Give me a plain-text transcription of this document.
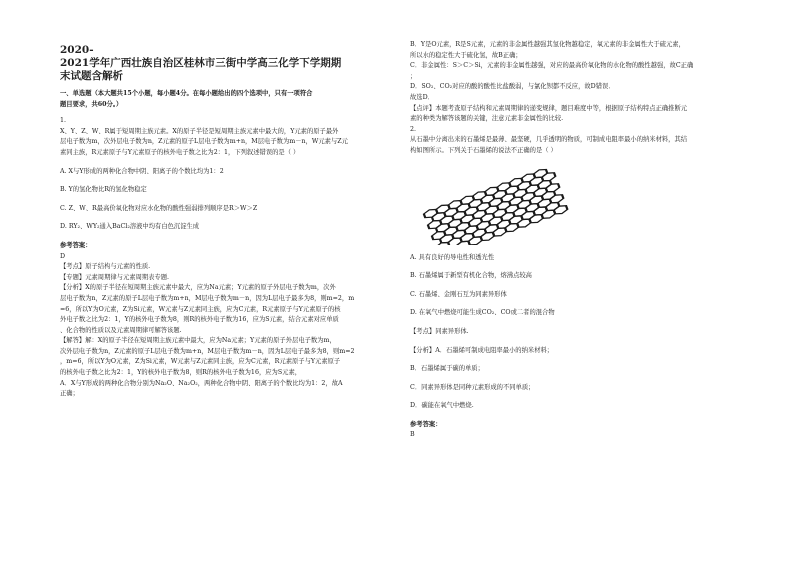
2020-
2021学年广西壮族自治区桂林市三街中学高三化学下学期期
末试题含解析
一、单选题（本大题共15个小题，每小题4分。在每小题给出的四个选项中，只有一项符合
题目要求，共60分。）

1.

X、Y、Z、W、R属于短周期主族元素。X的原子半径是短周期主族元素中最大的，Y元素的原子最外

层电子数为m，次外层电子数为n，Z元素的原子L层电子数为m+n，M层电子数为m－n，W元素与Z元

素同主族，R元素原子与Y元素原子的核外电子数之比为2：1，下列叙述错误的是（ ）

A. X与Y形成的两种化合物中阴、阳离子的个数比均为1：2

B. Y的氢化物比R的氢化物稳定

C. Z、W、R最高价氧化物对应水化物的酸性强弱排列顺序是R＞W＞Z

D. RY₂、WY₂通入BaCl₂溶液中均有白色沉淀生成

参考答案：

D

【考点】原子结构与元素的性质.

【专题】元素周期律与元素周期表专题.

【分析】X的原子半径在短周期主族元素中最大，应为Na元素；Y元素的原子外层电子数为m，次外

层电子数为n，Z元素的原子L层电子数为m+n，M层电子数为m－n，因为L层电子最多为8，则m=2，m

=6，所以Y为O元素，Z为Si元素，W元素与Z元素同主族，应为C元素，R元素原子与Y元素原子的核

外电子数之比为2：1，Y的核外电子数为8，则R的核外电子数为16，应为S元素，结合元素对应单质

、化合物的性质以及元素周期律可解答该题.

【解答】解：X的原子半径在短周期主族元素中最大，应为Na元素；Y元素的原子外层电子数为m，

次外层电子数为n，Z元素的原子L层电子数为m+n，M层电子数为m－n，因为L层电子最多为8，则m=2

，m=6，所以Y为O元素，Z为Si元素，W元素与Z元素同主族，应为C元素，R元素原子与Y元素原子

的核外电子数之比为2：1，Y的核外电子数为8，则R的核外电子数为16，应为S元素，

A．X与Y形成的两种化合物分别为Na₂O、Na₂O₂，两种化合物中阴、阳离子的个数比均为1：2，故A

正确；

B．Y是O元素，R是S元素，元素的非金属性越强其氢化物越稳定，氧元素的非金属性大于硫元素，

所以水的稳定性大于硫化氢，故B正确；

C．非金属性：S＞C＞Si，元素的非金属性越强，对应的最高价氧化物的水化物的酸性越强，故C正确

；

D．SO₂、CO₂对应的酸的酸性比盐酸弱，与氯化钡都不反应，故D错误．

故选D．

【点评】本题考查原子结构和元素周期律的递变规律，题目难度中等，根据原子结构特点正确推断元

素的种类为解答该题的关键，注意元素非金属性的比较.

2.

从石墨中分离出来的石墨烯是最薄、最坚硬，几乎透明的物质，可制成电阻率最小的纳米材料，其结

构如图所示。下列关于石墨烯的说法不正确的是（ ）

A. 具有良好的导电性和透光性

B. 石墨烯属于新型有机化合物，熔沸点较高

C. 石墨烯、金刚石互为同素异形体

D. 在氧气中燃烧可能生成CO₂、CO或二者的混合物

【考点】同素异形体.

【分析】A．石墨烯可制成电阻率最小的纳米材料；

B．石墨烯属于碳的单质；

C．同素异形体是同种元素形成的不同单质；

D．碳能在氧气中燃烧.

参考答案：

B
